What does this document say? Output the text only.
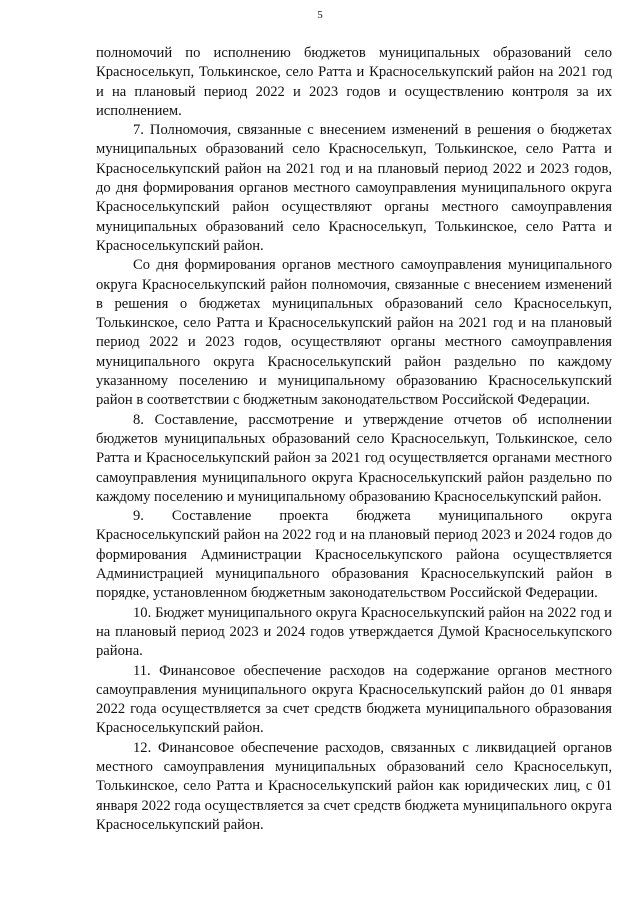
5

полномочий по исполнению бюджетов муниципальных образований село Красноселькуп, Толькинское, село Ратта и Красноселькупский район на 2021 год и на плановый период 2022 и 2023 годов и осуществлению контроля за их исполнением.

7. Полномочия, связанные с внесением изменений в решения о бюджетах муниципальных образований село Красноселькуп, Толькинское, село Ратта и Красноселькупский район на 2021 год и на плановый период 2022 и 2023 годов, до дня формирования органов местного самоуправления муниципального округа Красноселькупский район осуществляют органы местного самоуправления муниципальных образований село Красноселькуп, Толькинское, село Ратта и Красноселькупский район.

Со дня формирования органов местного самоуправления муниципального округа Красноселькупский район полномочия, связанные с внесением изменений в решения о бюджетах муниципальных образований село Красноселькуп, Толькинское, село Ратта и Красноселькупский район на 2021 год и на плановый период 2022 и 2023 годов, осуществляют органы местного самоуправления муниципального округа Красноселькупский район раздельно по каждому указанному поселению и муниципальному образованию Красноселькупский район в соответствии с бюджетным законодательством Российской Федерации.

8. Составление, рассмотрение и утверждение отчетов об исполнении бюджетов муниципальных образований село Красноселькуп, Толькинское, село Ратта и Красноселькупский район за 2021 год осуществляется органами местного самоуправления муниципального округа Красноселькупский район раздельно по каждому поселению и муниципальному образованию Красноселькупский район.

9. Составление проекта бюджета муниципального округа Красноселькупский район на 2022 год и на плановый период 2023 и 2024 годов до формирования Администрации Красноселькупского района осуществляется Администрацией муниципального образования Красноселькупский район в порядке, установленном бюджетным законодательством Российской Федерации.

10. Бюджет муниципального округа Красноселькупский район на 2022 год и на плановый период 2023 и 2024 годов утверждается Думой Красноселькупского района.

11. Финансовое обеспечение расходов на содержание органов местного самоуправления муниципального округа Красноселькупский район до 01 января 2022 года осуществляется за счет средств бюджета муниципального образования Красноселькупский район.

12. Финансовое обеспечение расходов, связанных с ликвидацией органов местного самоуправления муниципальных образований село Красноселькуп, Толькинское, село Ратта и Красноселькупский район как юридических лиц, с 01 января 2022 года осуществляется за счет средств бюджета муниципального округа Красноселькупский район.
